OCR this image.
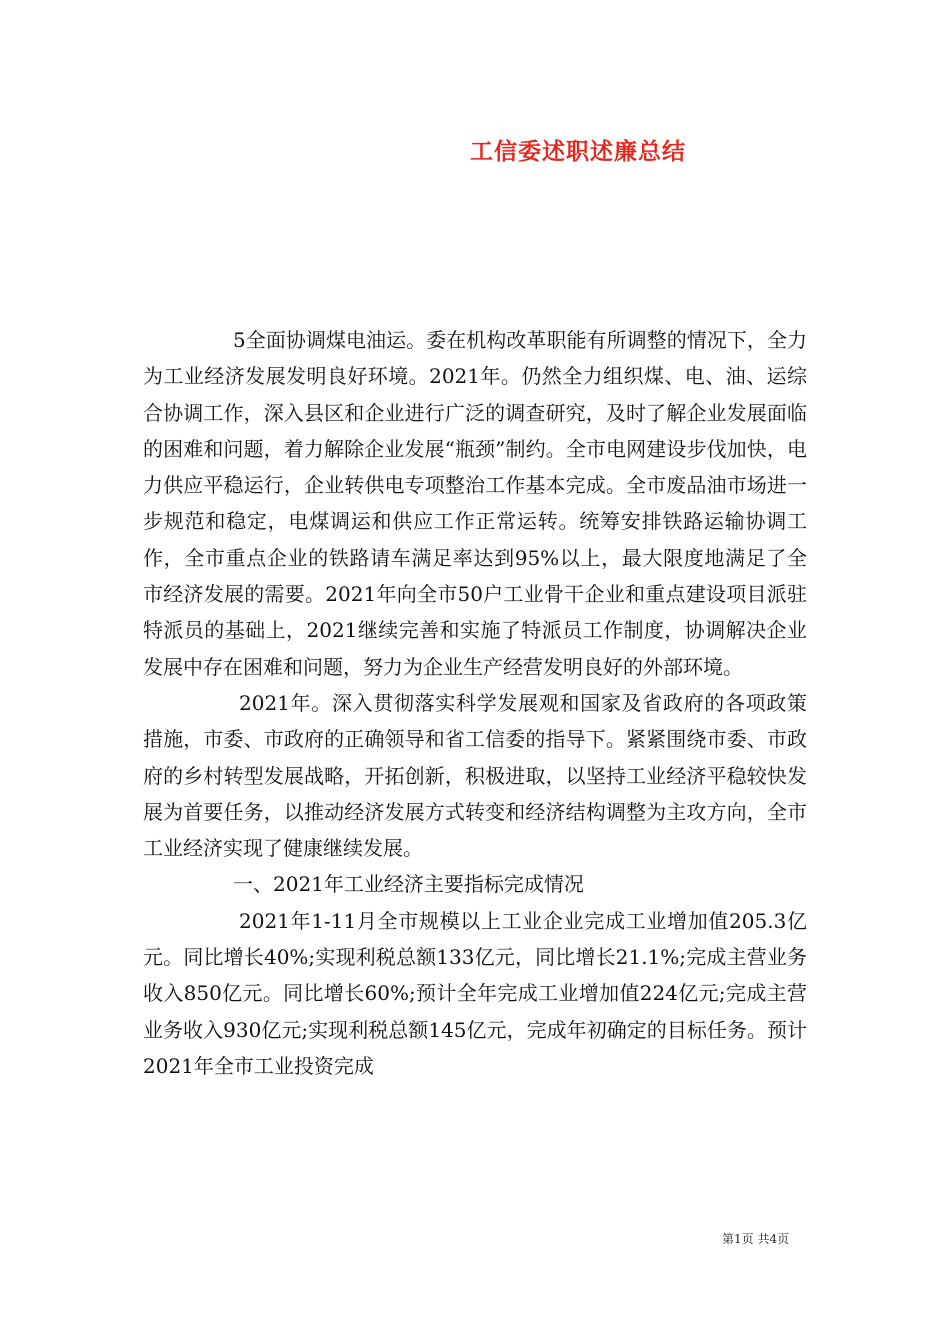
工信委述职述廉总结

5全面协调煤电油运。委在机构改革职能有所调整的情况下，全力为工业经济发展发明良好环境。2021年。仍然全力组织煤、电、油、运综合协调工作，深入县区和企业进行广泛的调查研究，及时了解企业发展面临的困难和问题，着力解除企业发展“瓶颈”制约。全市电网建设步伐加快，电力供应平稳运行，企业转供电专项整治工作基本完成。全市废品油市场进一步规范和稳定，电煤调运和供应工作正常运转。统筹安排铁路运输协调工作，全市重点企业的铁路请车满足率达到95%以上，最大限度地满足了全市经济发展的需要。2021年向全市50户工业骨干企业和重点建设项目派驻特派员的基础上，2021继续完善和实施了特派员工作制度，协调解决企业发展中存在困难和问题，努力为企业生产经营发明良好的外部环境。

2021年。深入贯彻落实科学发展观和国家及省政府的各项政策措施，市委、市政府的正确领导和省工信委的指导下。紧紧围绕市委、市政府的乡村转型发展战略，开拓创新，积极进取，以坚持工业经济平稳较快发展为首要任务，以推动经济发展方式转变和经济结构调整为主攻方向，全市工业经济实现了健康继续发展。

一、2021年工业经济主要指标完成情况

2021年1-11月全市规模以上工业企业完成工业增加值205.3亿元。同比增长40%;实现利税总额133亿元，同比增长21.1%;完成主营业务收入850亿元。同比增长60%;预计全年完成工业增加值224亿元;完成主营业务收入930亿元;实现利税总额145亿元，完成年初确定的目标任务。预计2021年全市工业投资完成

第1页 共4页
